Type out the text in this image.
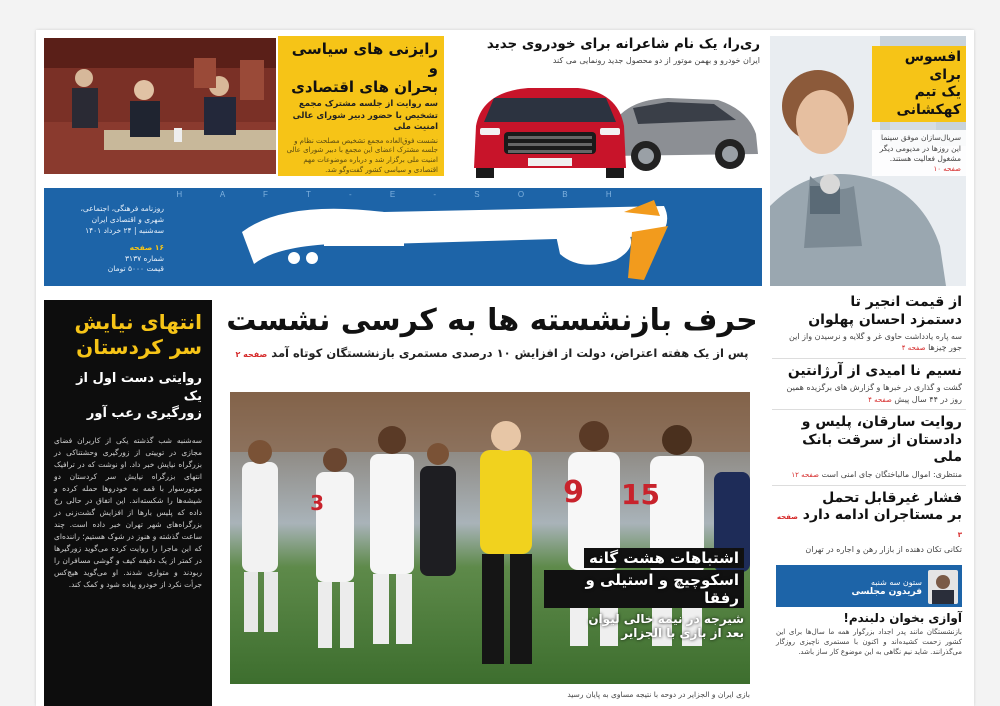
رایزنی های سیاسی و
بحران های اقتصادی
سه روایت از جلسه مشترک مجمع تشخیص با حضور دبیر شورای عالی امنیت ملی
نشست فوق‌العاده مجمع تشخیص مصلحت نظام و جلسه مشترک اعضای این مجمع با دبیر شورای عالی امنیت ملی برگزار شد و درباره موضوعات مهم اقتصادی و سیاسی کشور گفت‌وگو شد.
ری‌را، یک نام شاعرانه برای خودروی جدید
ایران خودرو و بهمن موتور از دو محصول جدید رونمایی می کند	افسوس برای
یک تیم
کهکشانی
سریال‌سازان موفق سینما این روزها در مدیومی دیگر مشغول فعالیت هستند.
صفحه ۱۰
H A F T - E - S O B H
روزنامه فرهنگی، اجتماعی،
شهری و اقتصادی ایران
سه‌شنبه | ۲۴ خرداد ۱۴۰۱
۱۶ صفحه
شماره ۳۱۳۷
قیمت ۵۰۰۰ تومان
انتهای نیایش
سر کردستان
روایتی دست اول از یک
زورگیری رعب آور
سه‌شنبه شب گذشته یکی از کاربران فضای مجازی در توییتی از زورگیری وحشتناکی در بزرگراه نیایش خبر داد. او نوشت که در ترافیک انتهای بزرگراه نیایش سر کردستان دو موتورسوار با قمه به خودروها حمله کرده و شیشه‌ها را شکسته‌اند. این اتفاق در حالی رخ داده که پلیس بارها از افزایش گشت‌زنی در بزرگراه‌های شهر تهران خبر داده است. چند ساعت گذشته و هنوز در شوک هستیم؛ راننده‌ای که این ماجرا را روایت کرده می‌گوید زورگیرها در کمتر از یک دقیقه کیف و گوشی مسافران را ربودند و متواری شدند. او می‌گوید هیچ‌کس جرأت نکرد از خودرو پیاده شود و کمک کند.
حرف بازنشسته ها به کرسی نشست
پس از یک هفته اعتراض، دولت از افزایش ۱۰ درصدی مستمری بازنشستگان کوتاه آمد صفحه ۲
9 15
3
اشتباهات هشت گانه اسکوچیچ و استیلی و رفقا
شیرجه در نیمه خالی لیوان
بعد از بازی با الجزایر
بازی ایران و الجزایر در دوحه با نتیجه مساوی به پایان رسید
از قیمت انجیر تا
دستمزد احسان پهلوان
سه پاره یادداشت حاوی غر و گلایه و نرسیدن واز این جور چیزها صفحه ۴
نسیم نا امیدی از آرژانتین
گشت و گذاری در خبرها و گزارش های برگزیده همین روز در ۴۴ سال پیش صفحه ۴
روایت سارقان، پلیس و
دادستان از سرقت بانک ملی
منتظری: اموال مالباختگان جای امنی است صفحه ۱۲
فشار غیرقابل تحمل
بر مستاجران ادامه دارد صفحه ۳
تکانی تکان دهنده از بازار رهن و اجاره در تهران
ستون سه شنبه
فریدون مجلسی
آوازی بخوان دلبندم!
بازنشستگان مانند پدر اجداد بزرگوار همه ما سال‌ها برای این کشور زحمت کشیده‌اند و اکنون با مستمری ناچیزی روزگار می‌گذرانند. شاید نیم نگاهی به این موضوع کار ساز باشد.
